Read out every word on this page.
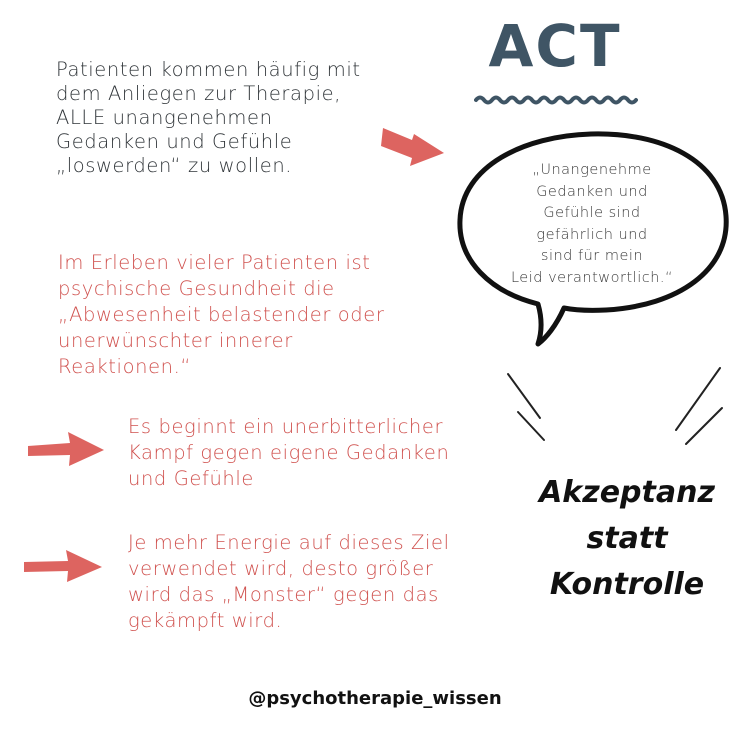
ACT

Patienten kommen häufig mit
dem Anliegen zur Therapie,
ALLE unangenehmen
Gedanken und Gefühle
„loswerden“ zu wollen.

Im Erleben vieler Patienten ist
psychische Gesundheit die
„Abwesenheit belastender oder
unerwünschter innerer
Reaktionen.“

Es beginnt ein unerbitterlicher
Kampf gegen eigene Gedanken
und Gefühle

Je mehr Energie auf dieses Ziel
verwendet wird, desto größer
wird das „Monster“ gegen das
gekämpft wird.

„Unangenehme
Gedanken und
Gefühle sind
gefährlich und
sind für mein
Leid verantwortlich.“

Akzeptanz
statt
Kontrolle

@psychotherapie_wissen
